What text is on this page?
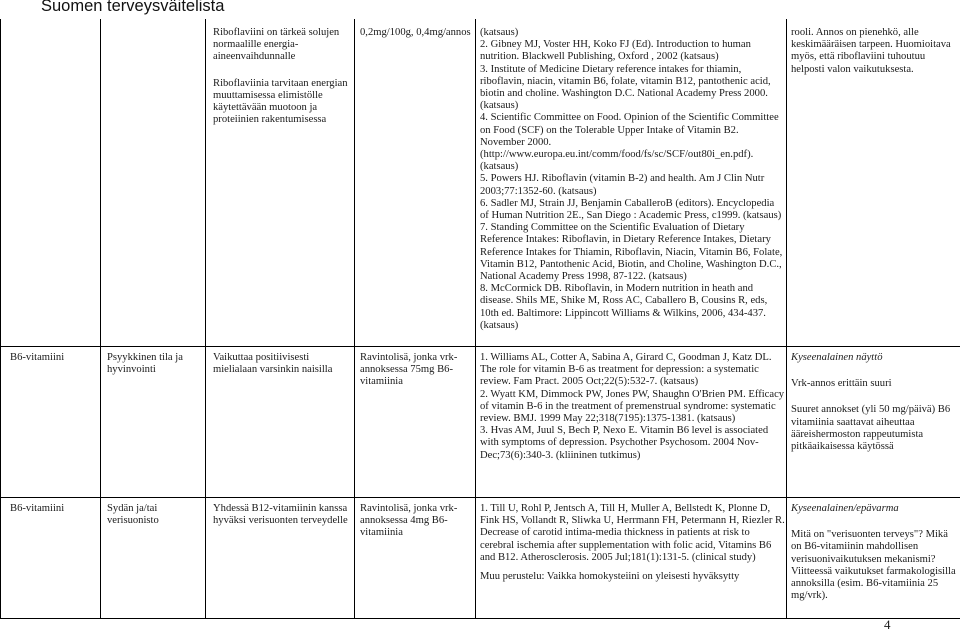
Suomen terveysväitelista

Riboflaviini on tärkeä solujen normaalille energia-aineenvaihdunnalle

Riboflaviinia tarvitaan energian muuttamisessa elimistölle käytettävään muotoon ja proteiinien rakentumisessa

0,2mg/100g, 0,4mg/annos (katsaus)
2. Gibney MJ, Voster HH, Koko FJ (Ed). Introduction to human nutrition. Blackwell Publishing, Oxford , 2002 (katsaus)
3. Institute of Medicine Dietary reference intakes for thiamin, riboflavin, niacin, vitamin B6, folate, vitamin B12, pantothenic acid, biotin and choline. Washington D.C. National Academy Press 2000. (katsaus)
4. Scientific Committee on Food. Opinion of the Scientific Committee on Food (SCF) on the Tolerable Upper Intake of Vitamin B2. November 2000. (http://www.europa.eu.int/comm/food/fs/sc/SCF/out80i_en.pdf). (katsaus)
5. Powers HJ. Riboflavin (vitamin B-2) and health. Am J Clin Nutr 2003;77:1352-60. (katsaus)
6. Sadler MJ, Strain JJ, Benjamin CaballeroB (editors). Encyclopedia of Human Nutrition 2E., San Diego : Academic Press, c1999. (katsaus)
7. Standing Committee on the Scientific Evaluation of Dietary Reference Intakes: Riboflavin, in Dietary Reference Intakes, Dietary Reference Intakes for Thiamin, Riboflavin, Niacin, Vitamin B6, Folate, Vitamin B12, Pantothenic Acid, Biotin, and Choline, Washington D.C., National Academy Press 1998, 87-122. (katsaus)
8. McCormick DB. Riboflavin, in Modern nutrition in heath and disease. Shils ME, Shike M, Ross AC, Caballero B, Cousins R, eds, 10th ed. Baltimore: Lippincott Williams & Wilkins, 2006, 434-437. (katsaus)
rooli. Annos on pienehkö, alle keskimääräisen tarpeen. Huomioitava myös, että riboflaviini tuhoutuu helposti valon vaikutuksesta.
B6-vitamiini	Psyykkinen tila ja hyvinvointi

Vaikuttaa positiivisesti mielialaan varsinkin naisilla

Ravintolisä, jonka vrk-annoksessa 75mg B6-vitamiinia
1. Williams AL, Cotter A, Sabina A, Girard C, Goodman J, Katz DL. The role for vitamin B-6 as treatment for depression: a systematic review. Fam Pract. 2005 Oct;22(5):532-7. (katsaus)
2. Wyatt KM, Dimmock PW, Jones PW, Shaughn O'Brien PM. Efficacy of vitamin B-6 in the treatment of premenstrual syndrome: systematic review. BMJ. 1999 May 22;318(7195):1375-1381. (katsaus)
3. Hvas AM, Juul S, Bech P, Nexo E. Vitamin B6 level is associated with symptoms of depression. Psychother Psychosom. 2004 Nov-Dec;73(6):340-3. (kliininen tutkimus)

Kyseenalainen näyttö

Vrk-annos erittäin suuri

Suuret annokset (yli 50 mg/päivä) B6 vitamiinia saattavat aiheuttaa ääreishermoston rappeutumista pitkäaikaisessa käytössä

B6-vitamiini	Sydän ja/tai verisuonisto

Yhdessä B12-vitamiinin kanssa hyväksi verisuonten terveydelle

Ravintolisä, jonka vrk-annoksessa 4mg B6-vitamiinia

1. Till U, Rohl P, Jentsch A, Till H, Muller A, Bellstedt K, Plonne D, Fink HS, Vollandt R, Sliwka U, Herrmann FH, Petermann H, Riezler R. Decrease of carotid intima-media thickness in patients at risk to cerebral ischemia after supplementation with folic acid, Vitamins B6 and B12. Atherosclerosis. 2005 Jul;181(1):131-5. (clinical study)

Muu perustelu: Vaikka homokysteiini on yleisesti hyväksytty

Kyseenalainen/epävarma

Mitä on "verisuonten terveys"? Mikä on B6-vitamiinin mahdollisen verisuonivaikutuksen mekanismi? Viitteessä vaikutukset farmakologisilla annoksilla (esim. B6-vitamiinia 25 mg/vrk).

4
